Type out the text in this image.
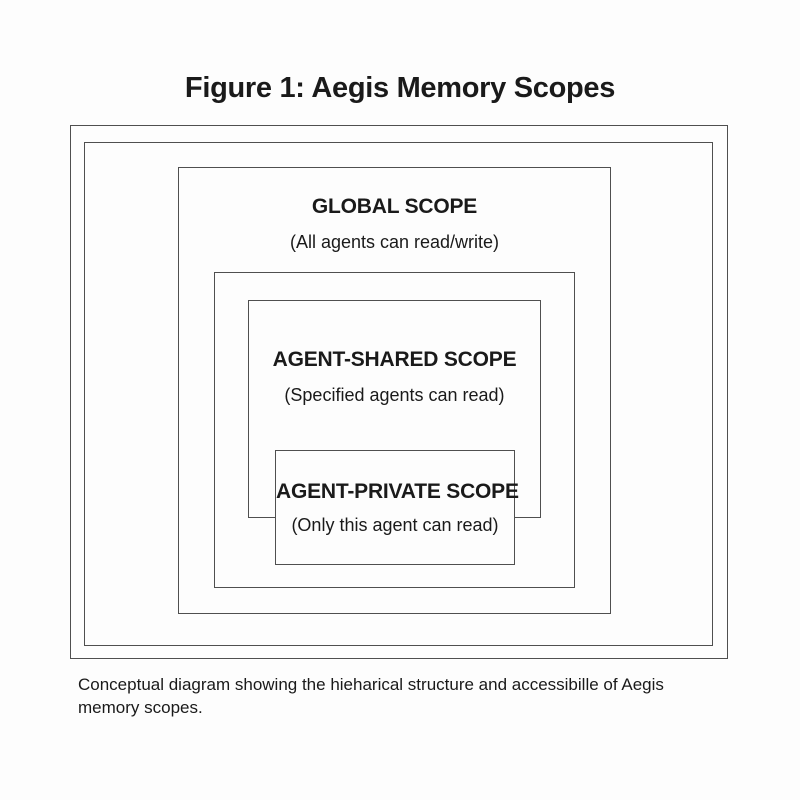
Figure 1: Aegis Memory Scopes
GLOBAL SCOPE
(All agents can read/write)
AGENT-SHARED SCOPE
(Specified agents can read)
AGENT-PRIVATE SCOPE
(Only this agent can read)
Conceptual diagram showing the hieharical structure and accessibille of Aegis
memory scopes.
